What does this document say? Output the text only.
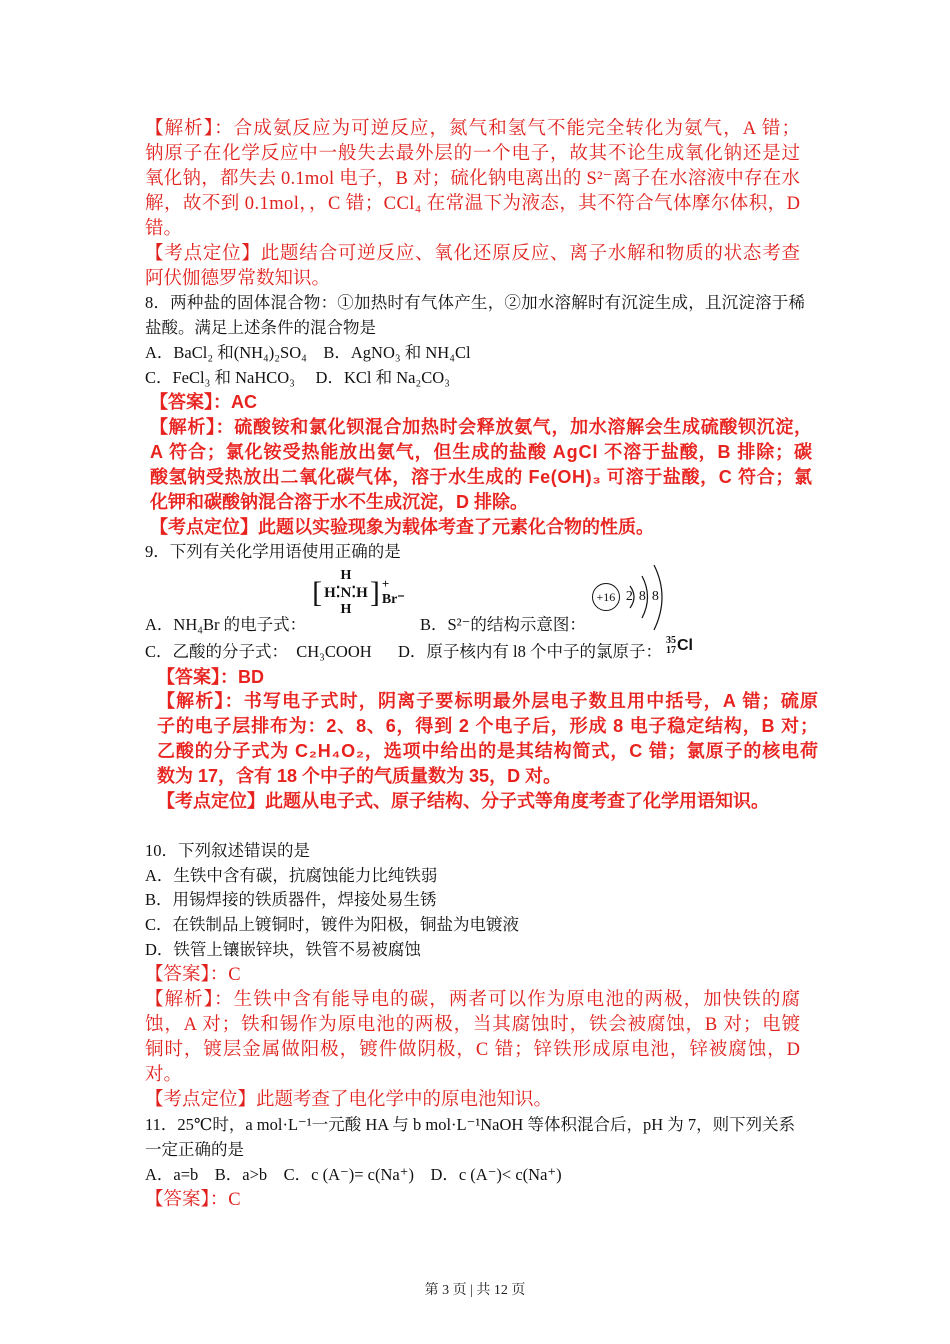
【解析】：合成氨反应为可逆反应，氮气和氢气不能完全转化为氨气，A 错；
钠原子在化学反应中一般失去最外层的一个电子，故其不论生成氧化钠还是过
氧化钠，都失去 0.1mol 电子，B 对；硫化钠电离出的 S²⁻离子在水溶液中存在水
解，故不到 0.1mol，，C 错；CCl₄ 在常温下为液态，其不符合气体摩尔体积，D
错。
【考点定位】此题结合可逆反应、氧化还原反应、离子水解和物质的状态考查
阿伏伽德罗常数知识。
8．两种盐的固体混合物：①加热时有气体产生，②加水溶解时有沉淀生成，且沉淀溶于稀
盐酸。满足上述条件的混合物是
A．BaCl₂ 和(NH₄)₂SO₄　B．AgNO₃ 和 NH₄Cl
C．FeCl₃ 和 NaHCO₃　 D．KCl 和 Na₂CO₃
【答案】：AC
【解析】：硫酸铵和氯化钡混合加热时会释放氨气，加水溶解会生成硫酸钡沉淀，
A 符合；氯化铵受热能放出氨气，但生成的盐酸 AgCl 不溶于盐酸，B 排除；碳
酸氢钠受热放出二氧化碳气体，溶于水生成的 Fe(OH)₃ 可溶于盐酸，C 符合；氯
化钾和碳酸钠混合溶于水不生成沉淀，D 排除。
【考点定位】此题以实验现象为载体考查了元素化合物的性质。
9．下列有关化学用语使用正确的是
A．NH₄Br 的电子式：	B．S²⁻的结构示意图：
C．乙酸的分子式：　CH₃COOH D．原子核内有 l8 个中子的氯原子：
【答案】：BD
【解析】：书写电子式时，阴离子要标明最外层电子数且用中括号，A 错；硫原
子的电子层排布为：2、8、6，得到 2 个电子后，形成 8 电子稳定结构，B 对；
乙酸的分子式为 C₂H₄O₂，选项中给出的是其结构简式，C 错；氯原子的核电荷
数为 17，含有 18 个中子的气质量数为 35，D 对。
【考点定位】此题从电子式、原子结构、分子式等角度考查了化学用语知识。
10．下列叙述错误的是
A．生铁中含有碳，抗腐蚀能力比纯铁弱
B．用锡焊接的铁质器件，焊接处易生锈
C．在铁制品上镀铜时，镀件为阳极，铜盐为电镀液
D．铁管上镶嵌锌块，铁管不易被腐蚀
【答案】：C
【解析】：生铁中含有能导电的碳，两者可以作为原电池的两极，加快铁的腐
蚀，A 对；铁和锡作为原电池的两极，当其腐蚀时，铁会被腐蚀，B 对；电镀
铜时，镀层金属做阳极，镀件做阴极，C 错；锌铁形成原电池，锌被腐蚀，D
对。
【考点定位】此题考查了电化学中的原电池知识。
11．25℃时，a mol·L⁻¹一元酸 HA 与 b mol·L⁻¹NaOH 等体积混合后，pH 为 7，则下列关系
一定正确的是
A．a=b　B．a>b　C．c (A⁻)= c(Na⁺)　D．c (A⁻)< c(Na⁺)
【答案】：C
[
H
H⁚N⁚H
H
] +
Br⁻	+16 2 8 8
35
17 Cl
第 3 页 | 共 12 页
